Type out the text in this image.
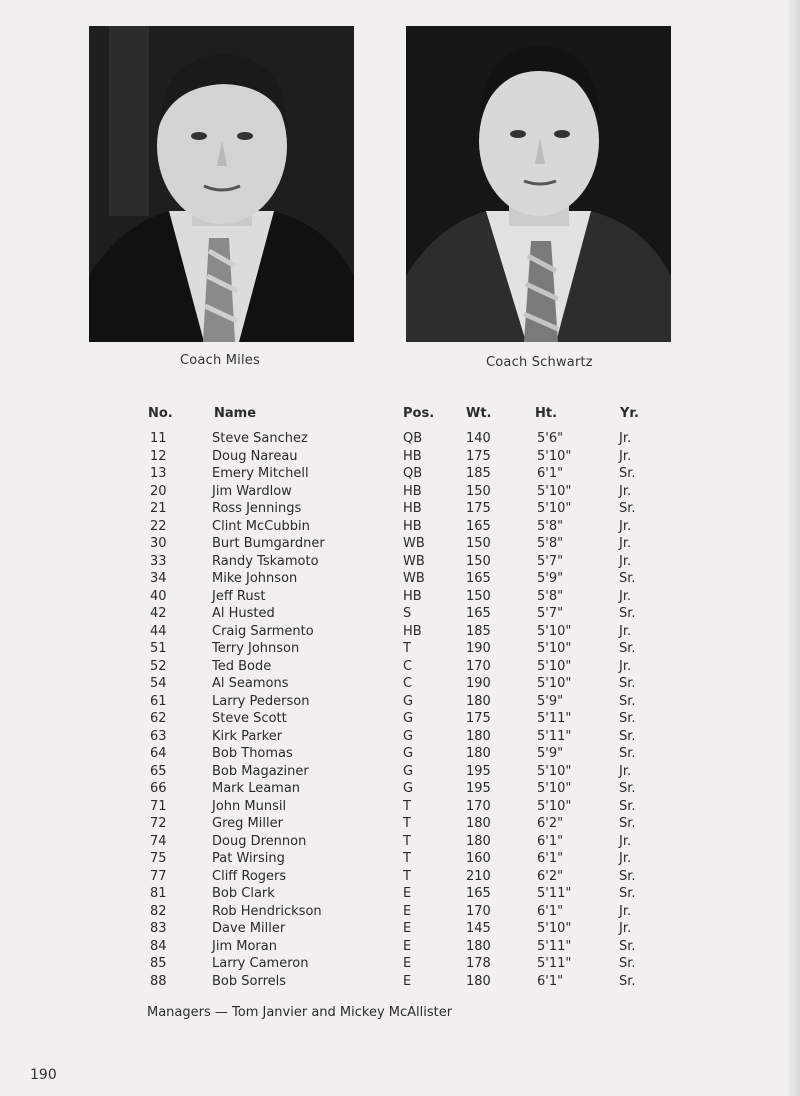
Coach Miles	Coach Schwartz
No.	Name	Pos. Wt.	Ht.	Yr.
11	Steve Sanchez	QB	140	5'6"	Jr.
12	Doug Nareau	HB	175	5'10"	Jr.
13	Emery Mitchell	QB	185	6'1"	Sr.
20	Jim Wardlow	HB	150	5'10"	Jr.
21	Ross Jennings	HB	175	5'10"	Sr.
22	Clint McCubbin	HB	165	5'8"	Jr.
30	Burt Bumgardner	WB	150	5'8"	Jr.
33	Randy Tskamoto	WB	150	5'7"	Jr.
34	Mike Johnson	WB	165	5'9"	Sr.
40	Jeff Rust	HB	150	5'8"	Jr.
42	Al Husted	S	165	5'7"	Sr.
44	Craig Sarmento	HB	185	5'10"	Jr.
51	Terry Johnson	T	190	5'10"	Sr.
52	Ted Bode	C	170	5'10"	Jr.
54	Al Seamons	C	190	5'10"	Sr.
61	Larry Pederson	G	180	5'9"	Sr.
62	Steve Scott	G	175	5'11"	Sr.
63	Kirk Parker	G	180	5'11"	Sr.
64	Bob Thomas	G	180	5'9"	Sr.
65	Bob Magaziner	G	195	5'10"	Jr.
66	Mark Leaman	G	195	5'10"	Sr.
71	John Munsil	T	170	5'10"	Sr.
72	Greg Miller	T	180	6'2"	Sr.
74	Doug Drennon	T	180	6'1"	Jr.
75	Pat Wirsing	T	160	6'1"	Jr.
77	Cliff Rogers	T	210	6'2"	Sr.
81	Bob Clark	E	165	5'11"	Sr.
82	Rob Hendrickson	E	170	6'1"	Jr.
83	Dave Miller	E	145	5'10"	Jr.
84	Jim Moran	E	180	5'11"	Sr.
85	Larry Cameron	E	178	5'11"	Sr.
88	Bob Sorrels	E	180	6'1"	Sr.
Managers — Tom Janvier and Mickey McAllister
190
